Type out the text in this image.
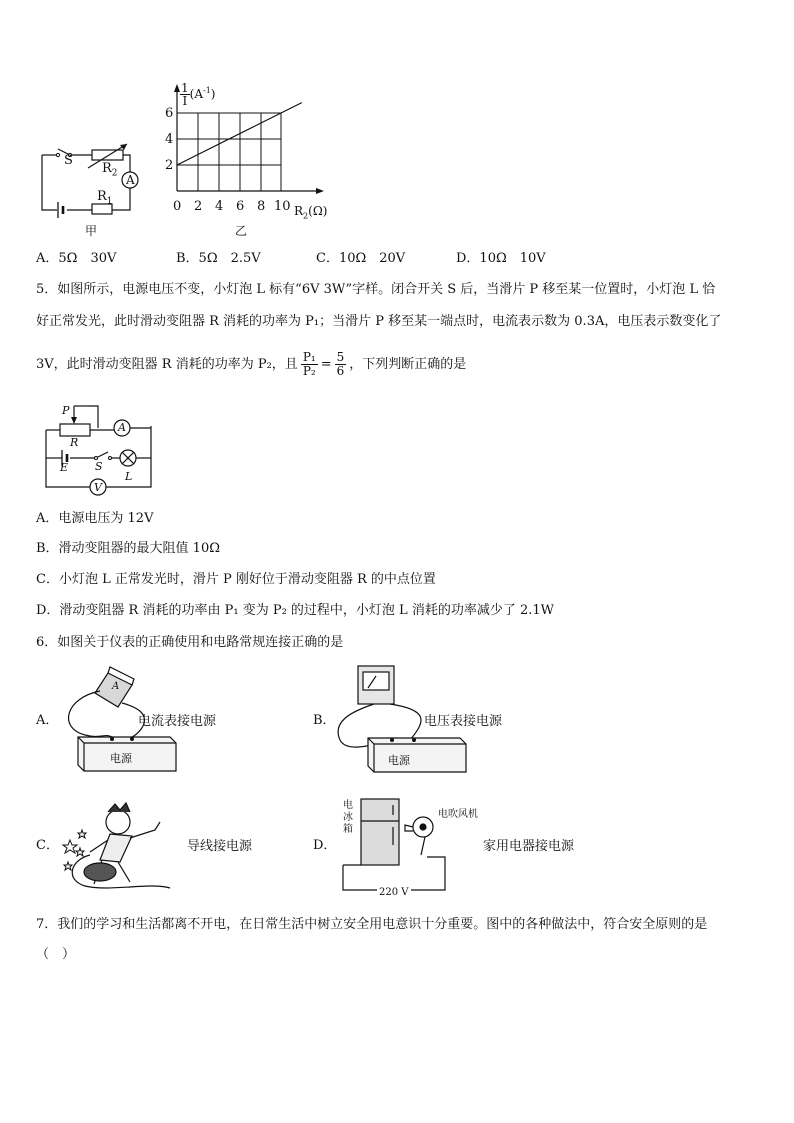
S
$R_2$ A
$R_1$
甲
$\frac{1}{I} (A^{-1})$
6
4
2
0 2 4 6 8 10 $R_2(\Omega)$
乙
A．5Ω　30V	B．5Ω　2.5V	C．10Ω　20V	D．10Ω　10V
5．如图所示，电源电压不变，小灯泡 L 标有“6V 3W”字样。闭合开关 S 后，当滑片 P 移至某一位置时，小灯泡 L 恰
好正常发光，此时滑动变阻器 R 消耗的功率为 P₁；当滑片 P 移至某一端点时，电流表示数为 0.3A，电压表示数变化了
3V，此时滑动变阻器 R 消耗的功率为 P₂，且 $\frac{\text{P₁}}{\text{P₂}} = \frac{5}{6}$ ，下列判断正确的是
P
R
A
E S
L
V
A．电源电压为 12V
B．滑动变阻器的最大阻值 10Ω
C．小灯泡 L 正常发光时，滑片 P 刚好位于滑动变阻器 R 的中点位置
D．滑动变阻器 R 消耗的功率由 P₁ 变为 P₂ 的过程中，小灯泡 L 消耗的功率减少了 2.1W
6．如图关于仪表的正确使用和电路常规连接正确的是
A．
A
电源
电流表接电源	B．
电源
电压表接电源
C．	导线接电源	D．
电冰箱
电吹风机
220 V
家用电器接电源
7．我们的学习和生活都离不开电，在日常生活中树立安全用电意识十分重要。图中的各种做法中，符合安全原则的是
（　）
